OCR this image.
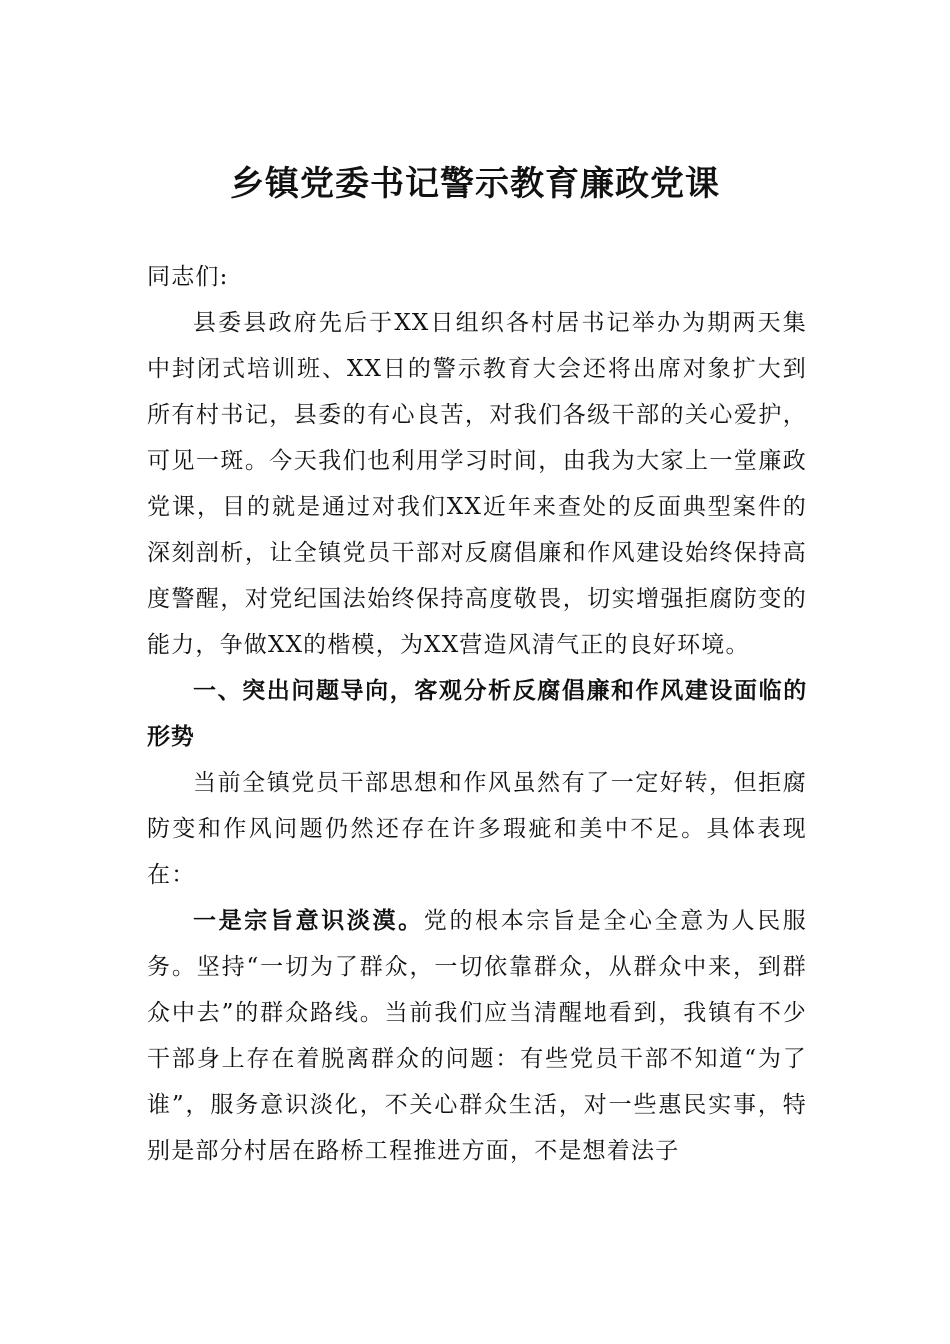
乡镇党委书记警示教育廉政党课

同志们:

县委县政府先后于XX日组织各村居书记举办为期两天集中封闭式培训班、XX日的警示教育大会还将出席对象扩大到所有村书记，县委的有心良苦，对我们各级干部的关心爱护，可见一斑。今天我们也利用学习时间，由我为大家上一堂廉政党课，目的就是通过对我们XX近年来查处的反面典型案件的深刻剖析，让全镇党员干部对反腐倡廉和作风建设始终保持高度警醒，对党纪国法始终保持高度敬畏，切实增强拒腐防变的能力，争做XX的楷模，为XX营造风清气正的良好环境。

一、突出问题导向，客观分析反腐倡廉和作风建设面临的形势

当前全镇党员干部思想和作风虽然有了一定好转，但拒腐防变和作风问题仍然还存在许多瑕疵和美中不足。具体表现在：

一是宗旨意识淡漠。党的根本宗旨是全心全意为人民服务。坚持“一切为了群众，一切依靠群众，从群众中来，到群众中去”的群众路线。当前我们应当清醒地看到，我镇有不少干部身上存在着脱离群众的问题：有些党员干部不知道“为了谁”，服务意识淡化，不关心群众生活，对一些惠民实事，特别是部分村居在路桥工程推进方面，不是想着法子
